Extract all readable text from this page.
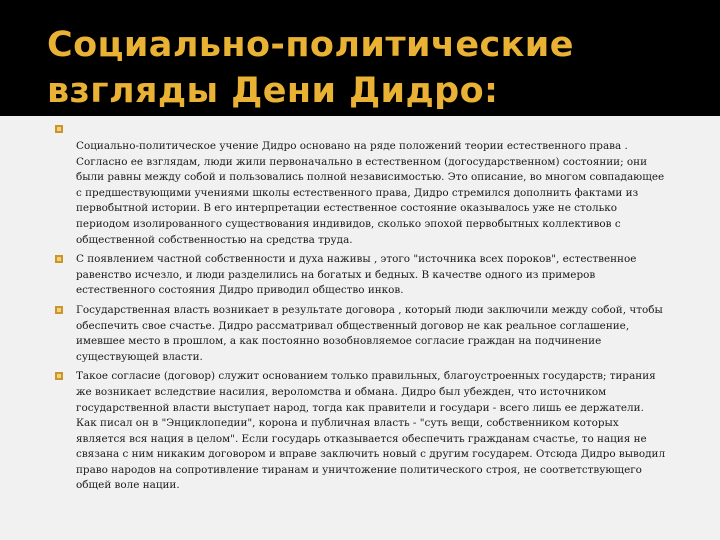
Социально-политические взгляды Дени Дидро:
Социально-политическое учение Дидро основано на ряде положений теории естественного права . Согласно ее взглядам, люди жили первоначально в естественном (догосударственном) состоянии; они были равны между собой и пользовались полной независимостью. Это описание, во многом совпадающее с предшествующими учениями школы естественного права, Дидро стремился дополнить фактами из первобытной истории. В его интерпретации естественное состояние оказывалось уже не столько периодом изолированного существования индивидов, сколько эпохой первобытных коллективов с общественной собственностью на средства труда.
С появлением частной собственности и духа наживы , этого "источника всех пороков", естественное равенство исчезло, и люди разделились на богатых и бедных. В качестве одного из примеров естественного состояния Дидро приводил общество инков.
Государственная власть возникает в результате договора , который люди заключили между собой, чтобы обеспечить свое счастье. Дидро рассматривал общественный договор не как реальное соглашение, имевшее место в прошлом, а как постоянно возобновляемое согласие граждан на подчинение существующей власти.
Такое согласие (договор) служит основанием только правильных, благоустроенных государств; тирания же возникает вследствие насилия, вероломства и обмана. Дидро был убежден, что источником государственной власти выступает народ, тогда как правители и государи - всего лишь ее держатели. Как писал он в "Энциклопедии", корона и публичная власть - "суть вещи, собственником которых является вся нация в целом". Если государь отказывается обеспечить гражданам счастье, то нация не связана с ним никаким договором и вправе заключить новый с другим государем. Отсюда Дидро выводил право народов на сопротивление тиранам и уничтожение политического строя, не соответствующего общей воле нации.
